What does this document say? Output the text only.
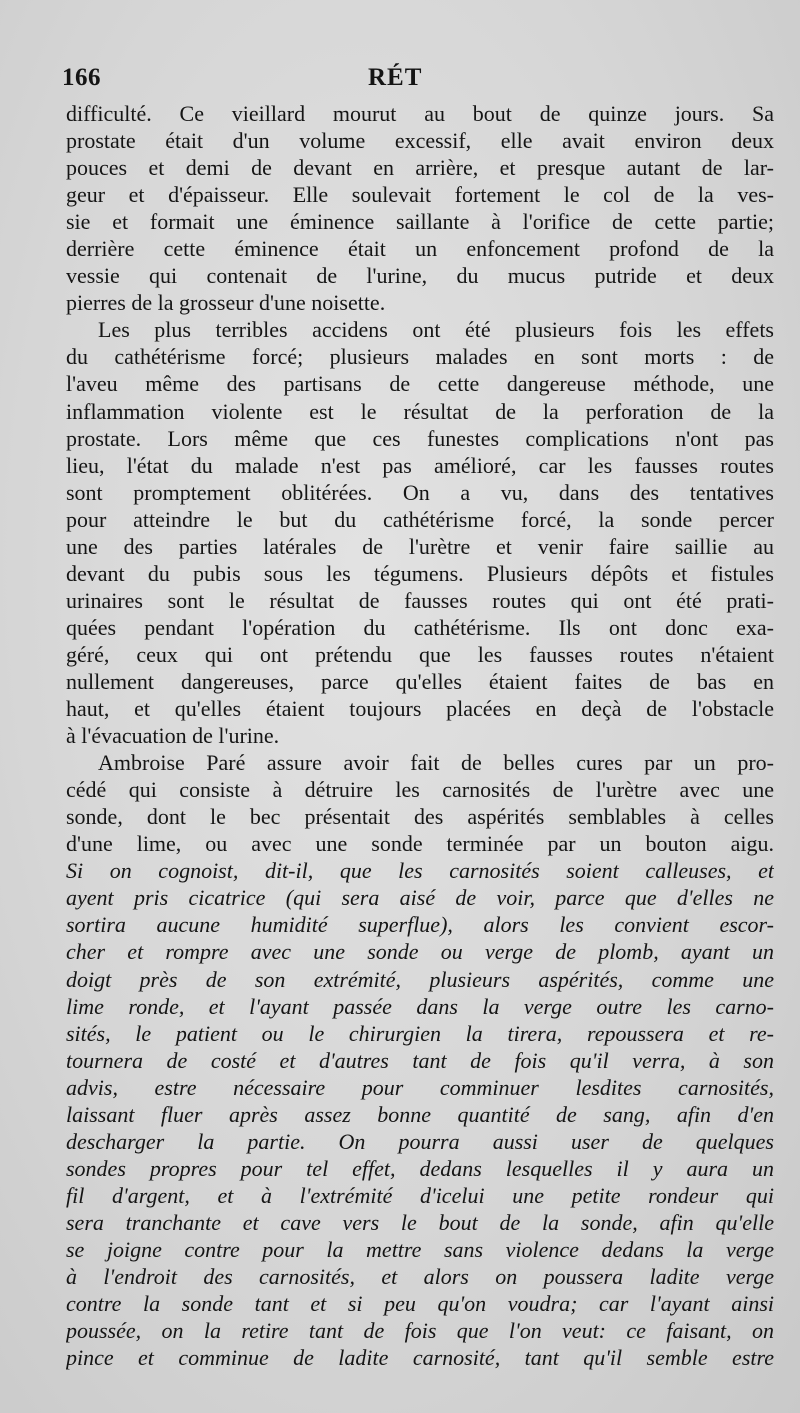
166	RÉT
difficulté. Ce vieillard mourut au bout de quinze jours. Sa
prostate était d'un volume excessif, elle avait environ deux
pouces et demi de devant en arrière, et presque autant de lar-
geur et d'épaisseur. Elle soulevait fortement le col de la ves-
sie et formait une éminence saillante à l'orifice de cette partie;
derrière cette éminence était un enfoncement profond de la
vessie qui contenait de l'urine, du mucus putride et deux
pierres de la grosseur d'une noisette.
Les plus terribles accidens ont été plusieurs fois les effets
du cathétérisme forcé; plusieurs malades en sont morts : de
l'aveu même des partisans de cette dangereuse méthode, une
inflammation violente est le résultat de la perforation de la
prostate. Lors même que ces funestes complications n'ont pas
lieu, l'état du malade n'est pas amélioré, car les fausses routes
sont promptement oblitérées. On a vu, dans des tentatives
pour atteindre le but du cathétérisme forcé, la sonde percer
une des parties latérales de l'urètre et venir faire saillie au
devant du pubis sous les tégumens. Plusieurs dépôts et fistules
urinaires sont le résultat de fausses routes qui ont été prati-
quées pendant l'opération du cathétérisme. Ils ont donc exa-
géré, ceux qui ont prétendu que les fausses routes n'étaient
nullement dangereuses, parce qu'elles étaient faites de bas en
haut, et qu'elles étaient toujours placées en deçà de l'obstacle
à l'évacuation de l'urine.
Ambroise Paré assure avoir fait de belles cures par un pro-
cédé qui consiste à détruire les carnosités de l'urètre avec une
sonde, dont le bec présentait des aspérités semblables à celles
d'une lime, ou avec une sonde terminée par un bouton aigu.
Si on cognoist, dit-il, que les carnosités soient calleuses, et
ayent pris cicatrice (qui sera aisé de voir, parce que d'elles ne
sortira aucune humidité superflue), alors les convient escor-
cher et rompre avec une sonde ou verge de plomb, ayant un
doigt près de son extrémité, plusieurs aspérités, comme une
lime ronde, et l'ayant passée dans la verge outre les carno-
sités, le patient ou le chirurgien la tirera, repoussera et re-
tournera de costé et d'autres tant de fois qu'il verra, à son
advis, estre nécessaire pour comminuer lesdites carnosités,
laissant fluer après assez bonne quantité de sang, afin d'en
descharger la partie. On pourra aussi user de quelques
sondes propres pour tel effet, dedans lesquelles il y aura un
fil d'argent, et à l'extrémité d'icelui une petite rondeur qui
sera tranchante et cave vers le bout de la sonde, afin qu'elle
se joigne contre pour la mettre sans violence dedans la verge
à l'endroit des carnosités, et alors on poussera ladite verge
contre la sonde tant et si peu qu'on voudra; car l'ayant ainsi
poussée, on la retire tant de fois que l'on veut: ce faisant, on
pince et comminue de ladite carnosité, tant qu'il semble estre
